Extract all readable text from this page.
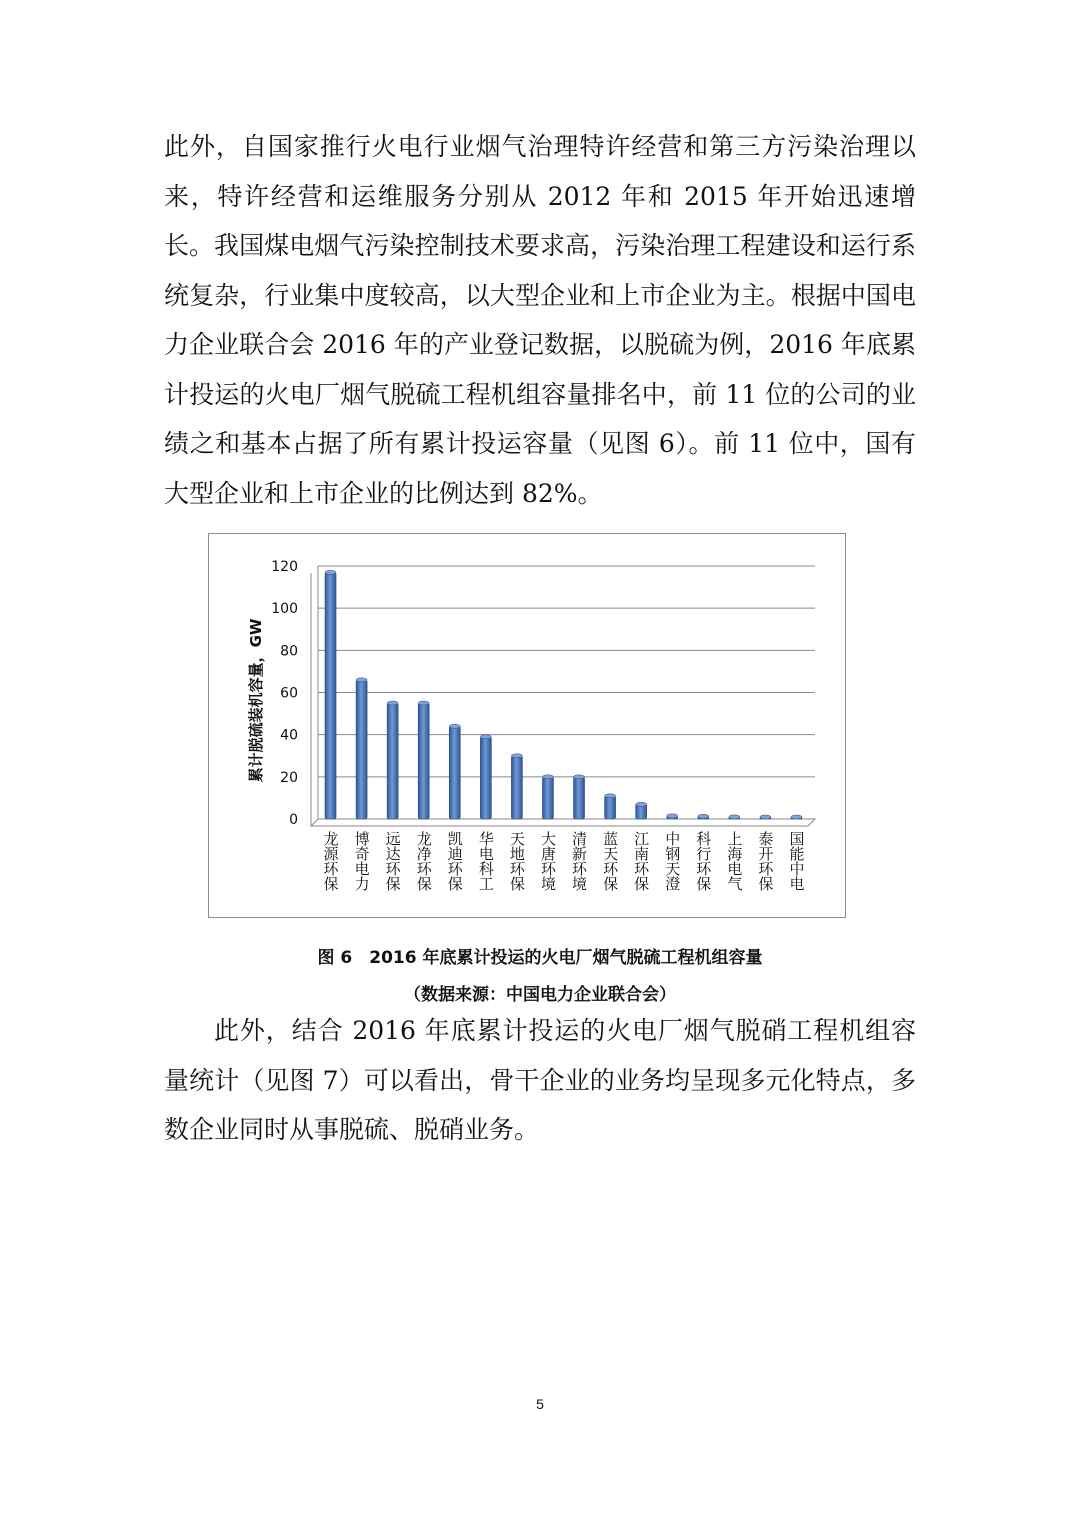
此外，自国家推行火电行业烟气治理特许经营和第三方污染治理以来，特许经营和运维服务分别从 2012 年和 2015 年开始迅速增长。 我国煤电烟气污染控制技术要求高，污染治理工程建设和运行系统复杂，行业集中度较高，以大型企业和上市企业为主。根据中国电力企业联合会 2016 年的产业登记数据，以脱硫为例，2016 年底累计投运的火电厂烟气脱硫工程机组容量排名中，前 11 位的公司的业绩之和基本占据了所有累计投运容量（见图 6）。前 11 位中，国有大型企业和上市企业的比例达到 82%。

0
20
40
60
80
100
120
累计脱硫装机容量，GW
龙源环保 博奇电力 远达环保 龙净环保 凯迪环保 华电科工 天地环保 大唐环境 清新环境 蓝天环保 江南环保 中钢天澄 科行环保 上海电气 泰开环保 国能中电
图 6　2016 年底累计投运的火电厂烟气脱硫工程机组容量
（数据来源：中国电力企业联合会）

此外，结合 2016 年底累计投运的火电厂烟气脱硝工程机组容量统计（见图 7）可以看出，骨干企业的业务均呈现多元化特点，多数企业同时从事脱硫、脱硝业务。

5
